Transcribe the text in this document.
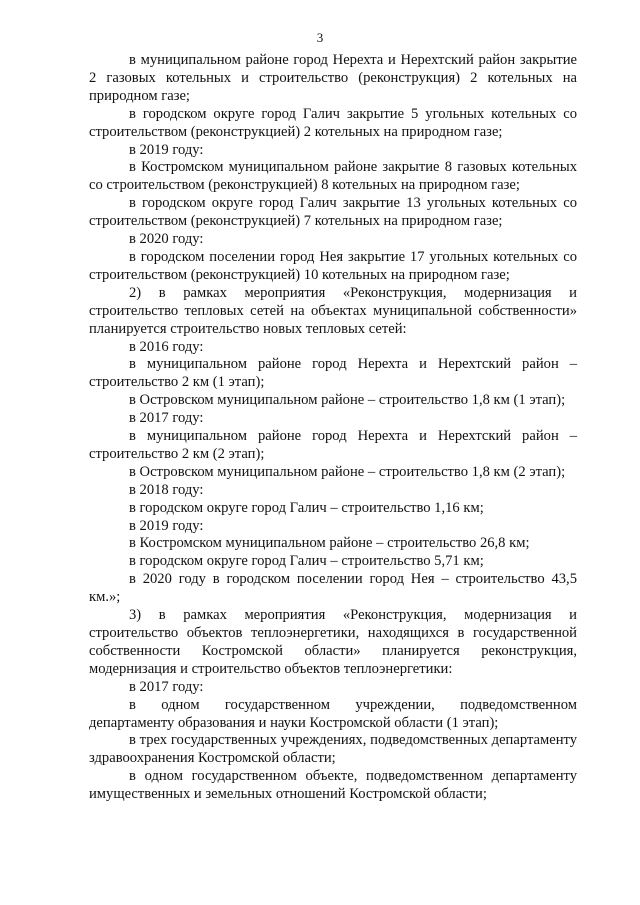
3

в муниципальном районе город Нерехта и Нерехтский район закрытие 2 газовых котельных и строительство (реконструкция) 2 котельных на природном газе;

в городском округе город Галич закрытие 5 угольных котельных со строительством (реконструкцией) 2 котельных на природном газе;

в 2019 году:

в Костромском муниципальном районе закрытие 8 газовых котельных со строительством (реконструкцией) 8 котельных на природном газе;

в городском округе город Галич закрытие 13 угольных котельных со строительством (реконструкцией) 7 котельных на природном газе;

в 2020 году:

в городском поселении город Нея закрытие 17 угольных котельных со строительством (реконструкцией) 10 котельных на природном газе;

2) в рамках мероприятия «Реконструкция, модернизация и строительство тепловых сетей на объектах муниципальной собственности» планируется строительство новых тепловых сетей:

в 2016 году:

в муниципальном районе город Нерехта и Нерехтский район – строительство 2 км (1 этап);

в Островском муниципальном районе – строительство 1,8 км (1 этап);

в 2017 году:

в муниципальном районе город Нерехта и Нерехтский район – строительство 2 км (2 этап);

в Островском муниципальном районе – строительство 1,8 км (2 этап);

в 2018 году:

в городском округе город Галич – строительство 1,16 км;

в 2019 году:

в Костромском муниципальном районе – строительство 26,8 км;

в городском округе город Галич – строительство 5,71 км;

в 2020 году в городском поселении город Нея – строительство 43,5 км.»;

3) в рамках мероприятия «Реконструкция, модернизация и строительство объектов теплоэнергетики, находящихся в государственной собственности Костромской области» планируется реконструкция, модернизация и строительство объектов теплоэнергетики:

в 2017 году:

в одном государственном учреждении, подведомственном департаменту образования и науки Костромской области (1 этап);

в трех государственных учреждениях, подведомственных департаменту здравоохранения Костромской области;

в одном государственном объекте, подведомственном департаменту имущественных и земельных отношений Костромской области;
